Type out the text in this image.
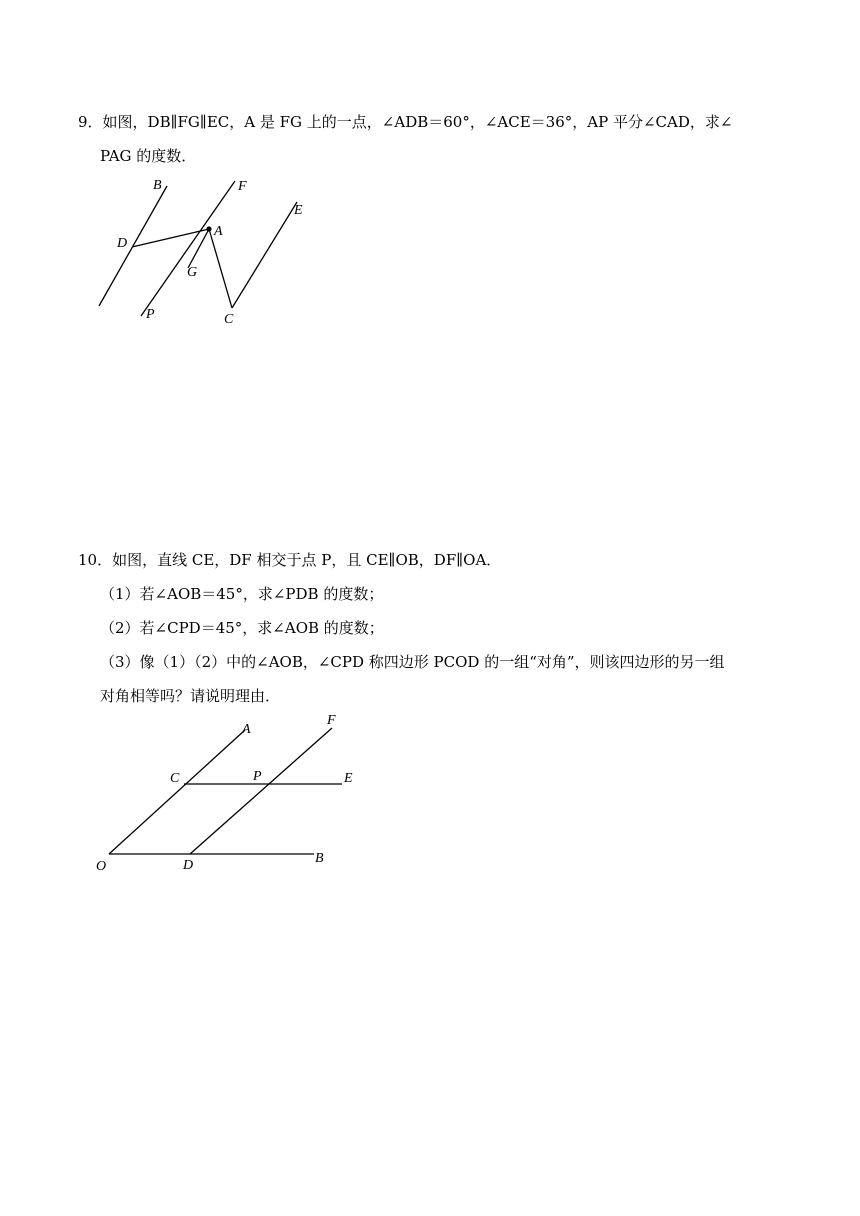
9．如图，DB∥FG∥EC，A 是 FG 上的一点，∠ADB＝60°，∠ACE＝36°，AP 平分∠CAD，求∠

PAG 的度数．

B	F
E
D
A
G
P	C

10．如图，直线 CE，DF 相交于点 P，且 CE∥OB，DF∥OA．

（1）若∠AOB＝45°，求∠PDB 的度数；

（2）若∠CPD＝45°，求∠AOB 的度数；

（3）像（1）（2）中的∠AOB，∠CPD 称四边形 PCOD 的一组“对角”，则该四边形的另一组

对角相等吗？请说明理由．

A
F
C	P	E
O	D	B
